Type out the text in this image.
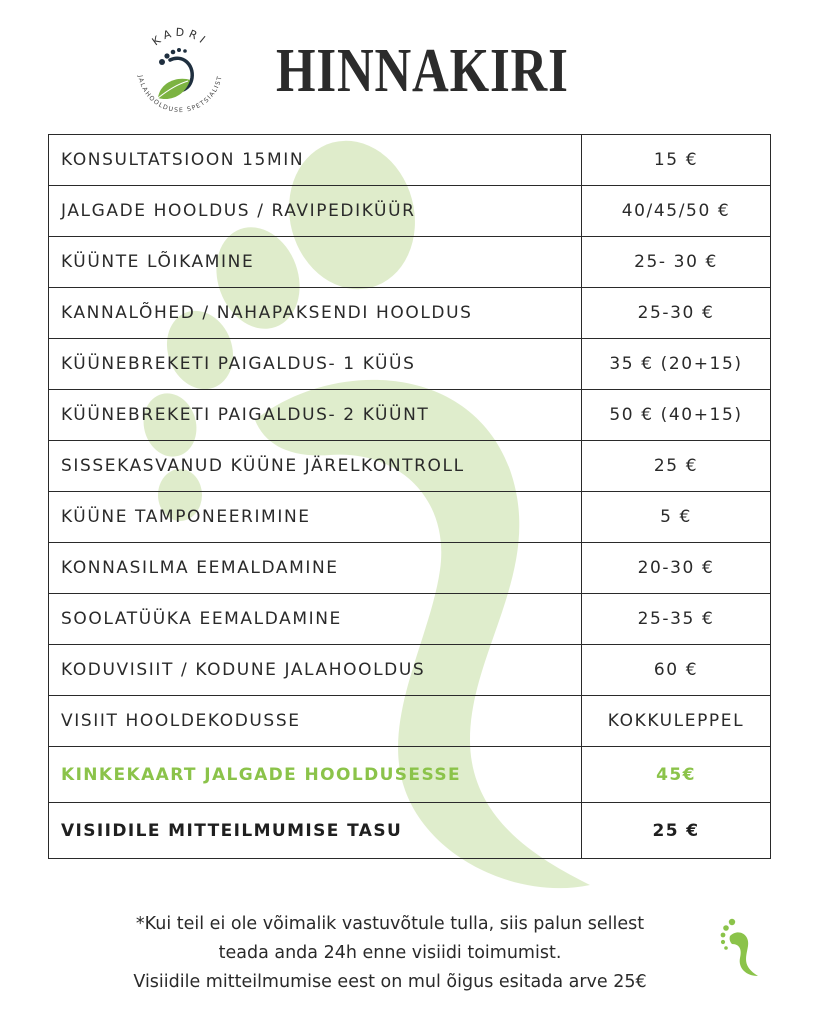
KADRI
JALAHOOLDUSE SPETSIALIST HINNAKIRI
KONSULTATSIOON 15MIN	15 €
JALGADE HOOLDUS / RAVIPEDIKÜÜR	40/45/50 €
KÜÜNTE LÕIKAMINE	25- 30 €
KANNALÕHED / NAHAPAKSENDI HOOLDUS	25-30 €
KÜÜNEBREKETI PAIGALDUS- 1 KÜÜS	35 € (20+15)
KÜÜNEBREKETI PAIGALDUS- 2 KÜÜNT	50 € (40+15)
SISSEKASVANUD KÜÜNE JÄRELKONTROLL	25 €
KÜÜNE TAMPONEERIMINE	5 €
KONNASILMA EEMALDAMINE	20-30 €
SOOLATÜÜKA EEMALDAMINE	25-35 €
KODUVISIIT / KODUNE JALAHOOLDUS	60 €
VISIIT HOOLDEKODUSSE	KOKKULEPPEL
KINKEKAART JALGADE HOOLDUSESSE	45€
VISIIDILE MITTEILMUMISE TASU	25 €
*Kui teil ei ole võimalik vastuvõtule tulla, siis palun sellest
teada anda 24h enne visiidi toimumist.
Visiidile mitteilmumise eest on mul õigus esitada arve 25€
